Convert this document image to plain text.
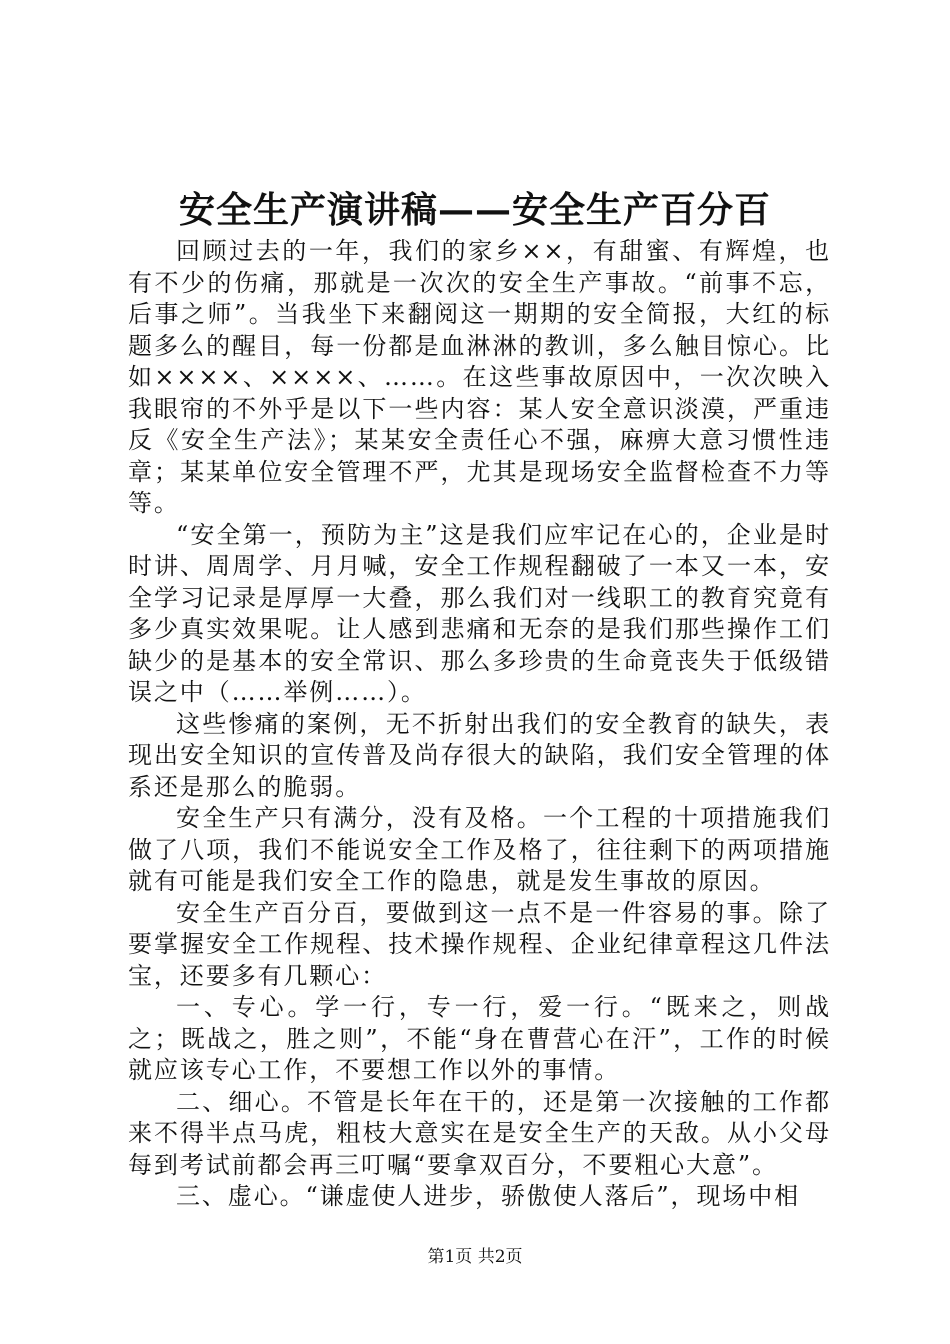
安全生产演讲稿——安全生产百分百

回顾过去的一年，我们的家乡××，有甜蜜、有辉煌，也有不少的伤痛，那就是一次次的安全生产事故。“前事不忘，后事之师”。当我坐下来翻阅这一期期的安全简报，大红的标题多么的醒目，每一份都是血淋淋的教训，多么触目惊心。比如××××、××××、……。在这些事故原因中，一次次映入我眼帘的不外乎是以下一些内容：某人安全意识淡漠，严重违反《安全生产法》；某某安全责任心不强，麻痹大意习惯性违章；某某单位安全管理不严，尤其是现场安全监督检查不力等等。

“安全第一，预防为主”这是我们应牢记在心的，企业是时时讲、周周学、月月喊，安全工作规程翻破了一本又一本，安全学习记录是厚厚一大叠，那么我们对一线职工的教育究竟有多少真实效果呢。让人感到悲痛和无奈的是我们那些操作工们缺少的是基本的安全常识、那么多珍贵的生命竟丧失于低级错误之中（……举例……）。

这些惨痛的案例，无不折射出我们的安全教育的缺失，表现出安全知识的宣传普及尚存很大的缺陷，我们安全管理的体系还是那么的脆弱。

安全生产只有满分，没有及格。一个工程的十项措施我们做了八项，我们不能说安全工作及格了，往往剩下的两项措施就有可能是我们安全工作的隐患，就是发生事故的原因。

安全生产百分百，要做到这一点不是一件容易的事。除了要掌握安全工作规程、技术操作规程、企业纪律章程这几件法宝，还要多有几颗心：

一、专心。学一行，专一行，爱一行。“既来之，则战之；既战之，胜之则”，不能“身在曹营心在汗”，工作的时候就应该专心工作，不要想工作以外的事情。

二、细心。不管是长年在干的，还是第一次接触的工作都来不得半点马虎，粗枝大意实在是安全生产的天敌。从小父母每到考试前都会再三叮嘱“要拿双百分，不要粗心大意”。

三、虚心。“谦虚使人进步，骄傲使人落后”，现场中相

第1页 共2页
